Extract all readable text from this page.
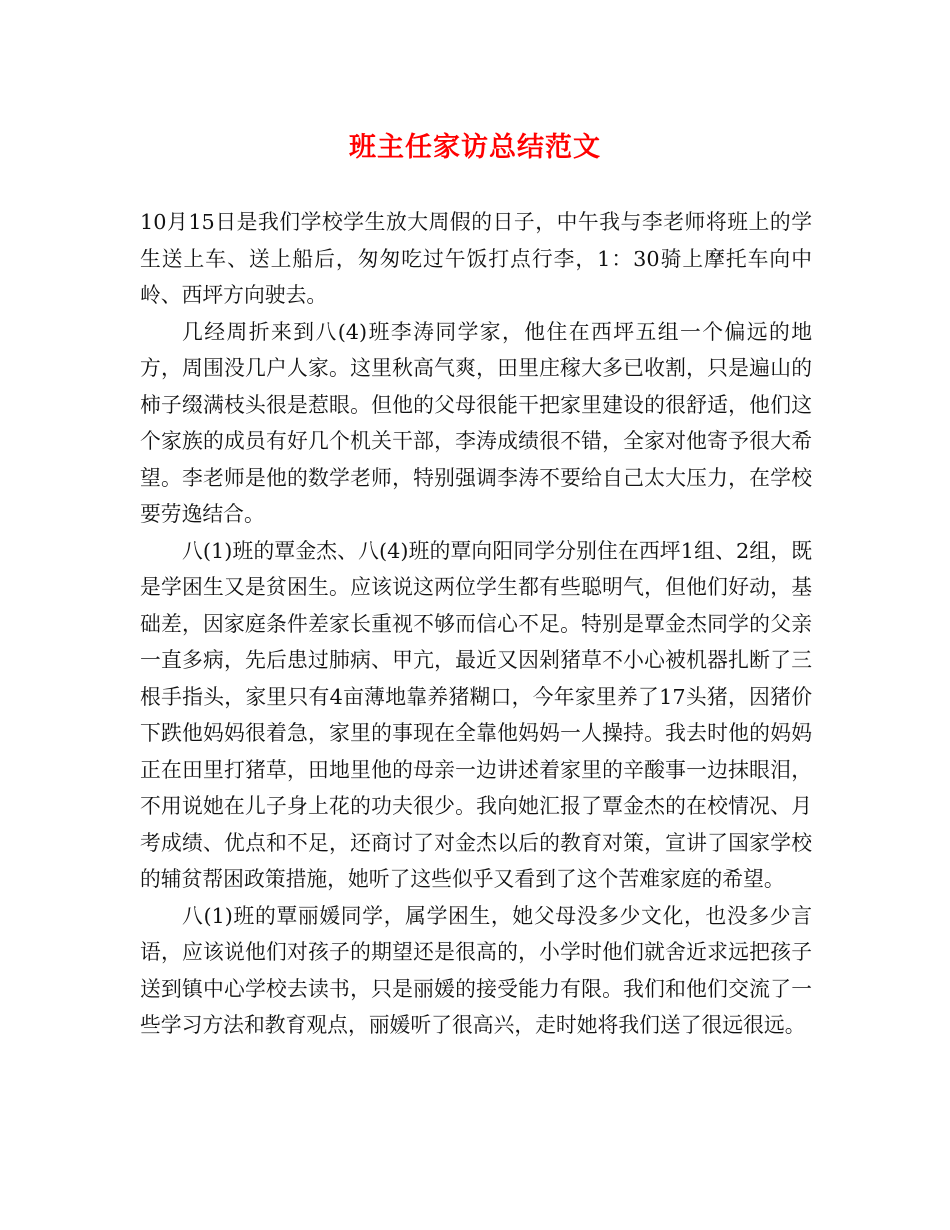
班主任家访总结范文

10月15日是我们学校学生放大周假的日子，中午我与李老师将班上的学生送上车、送上船后，匆匆吃过午饭打点行李，1：30骑上摩托车向中岭、西坪方向驶去。

几经周折来到八(4)班李涛同学家，他住在西坪五组一个偏远的地方，周围没几户人家。这里秋高气爽，田里庄稼大多已收割，只是遍山的柿子缀满枝头很是惹眼。但他的父母很能干把家里建设的很舒适，他们这个家族的成员有好几个机关干部，李涛成绩很不错，全家对他寄予很大希望。李老师是他的数学老师，特别强调李涛不要给自己太大压力，在学校要劳逸结合。

八(1)班的覃金杰、八(4)班的覃向阳同学分别住在西坪1组、2组，既是学困生又是贫困生。应该说这两位学生都有些聪明气，但他们好动，基础差，因家庭条件差家长重视不够而信心不足。特别是覃金杰同学的父亲一直多病，先后患过肺病、甲亢，最近又因剁猪草不小心被机器扎断了三根手指头，家里只有4亩薄地靠养猪糊口，今年家里养了17头猪，因猪价下跌他妈妈很着急，家里的事现在全靠他妈妈一人操持。我去时他的妈妈正在田里打猪草，田地里他的母亲一边讲述着家里的辛酸事一边抹眼泪，不用说她在儿子身上花的功夫很少。我向她汇报了覃金杰的在校情况、月考成绩、优点和不足，还商讨了对金杰以后的教育对策，宣讲了国家学校的辅贫帮困政策措施，她听了这些似乎又看到了这个苦难家庭的希望。

八(1)班的覃丽媛同学，属学困生，她父母没多少文化，也没多少言语，应该说他们对孩子的期望还是很高的，小学时他们就舍近求远把孩子送到镇中心学校去读书，只是丽媛的接受能力有限。我们和他们交流了一些学习方法和教育观点，丽媛听了很高兴，走时她将我们送了很远很远。
